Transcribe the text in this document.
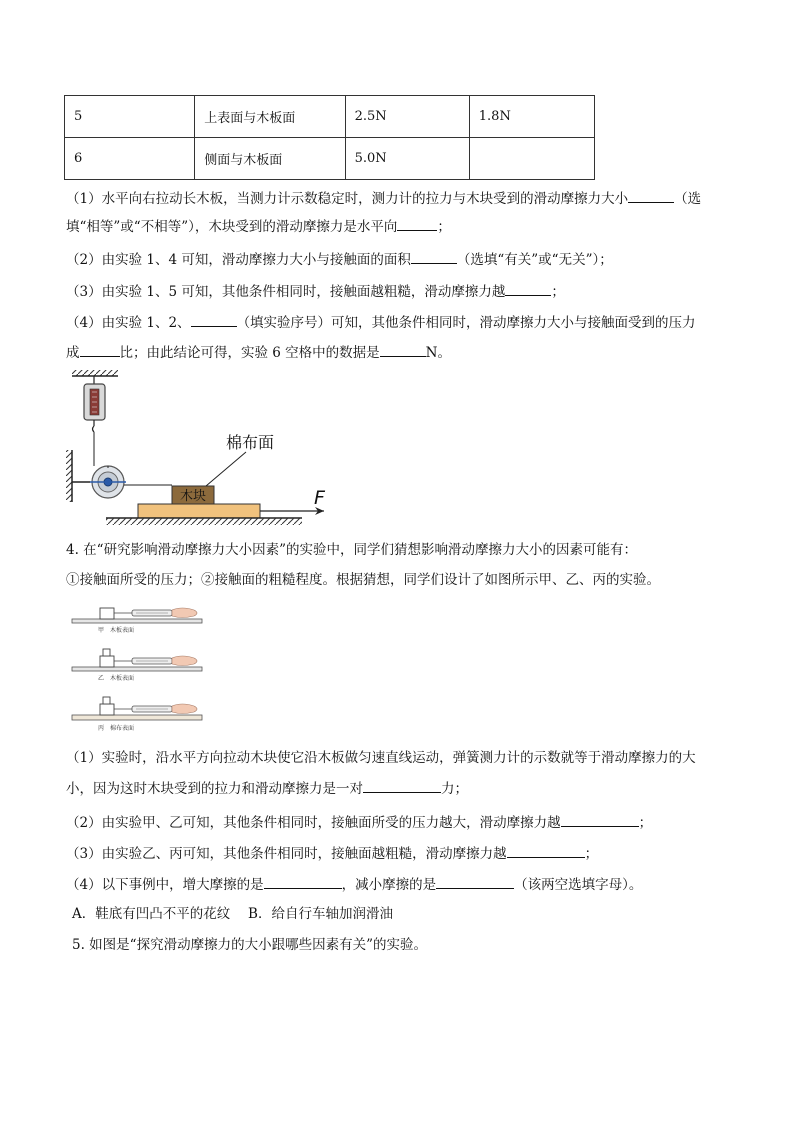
5	上表面与木板面	2.5N	1.8N
6	侧面与木板面	5.0N	
（1）水平向右拉动长木板，当测力计示数稳定时，测力计的拉力与木块受到的滑动摩擦力大小	（选
填“相等”或“不相等”），木块受到的滑动摩擦力是水平向	；
（2）由实验 1、4 可知，滑动摩擦力大小与接触面的面积	（选填“有关”或“无关”）；
（3）由实验 1、5 可知，其他条件相同时，接触面越粗糙，滑动摩擦力越	；
（4）由实验 1、2、	（填实验序号）可知，其他条件相同时，滑动摩擦力大小与接触面受到的压力
成	比；由此结论可得，实验 6 空格中的数据是	N。
木块
棉布面
F
4. 在“研究影响滑动摩擦力大小因素”的实验中，同学们猜想影响滑动摩擦力大小的因素可能有：
①接触面所受的压力；②接触面的粗糙程度。根据猜想，同学们设计了如图所示甲、乙、丙的实验。
甲　木板表面
乙　木板表面
丙　棉布表面
（1）实验时，沿水平方向拉动木块使它沿木板做匀速直线运动，弹簧测力计的示数就等于滑动摩擦力的大
小，因为这时木块受到的拉力和滑动摩擦力是一对	力；
（2）由实验甲、乙可知，其他条件相同时，接触面所受的压力越大，滑动摩擦力越	；
（3）由实验乙、丙可知，其他条件相同时，接触面越粗糙，滑动摩擦力越	；
（4）以下事例中，增大摩擦的是	，减小摩擦的是	（该两空选填字母）。
A．鞋底有凹凸不平的花纹　 B．给自行车轴加润滑油
5. 如图是“探究滑动摩擦力的大小跟哪些因素有关”的实验。
